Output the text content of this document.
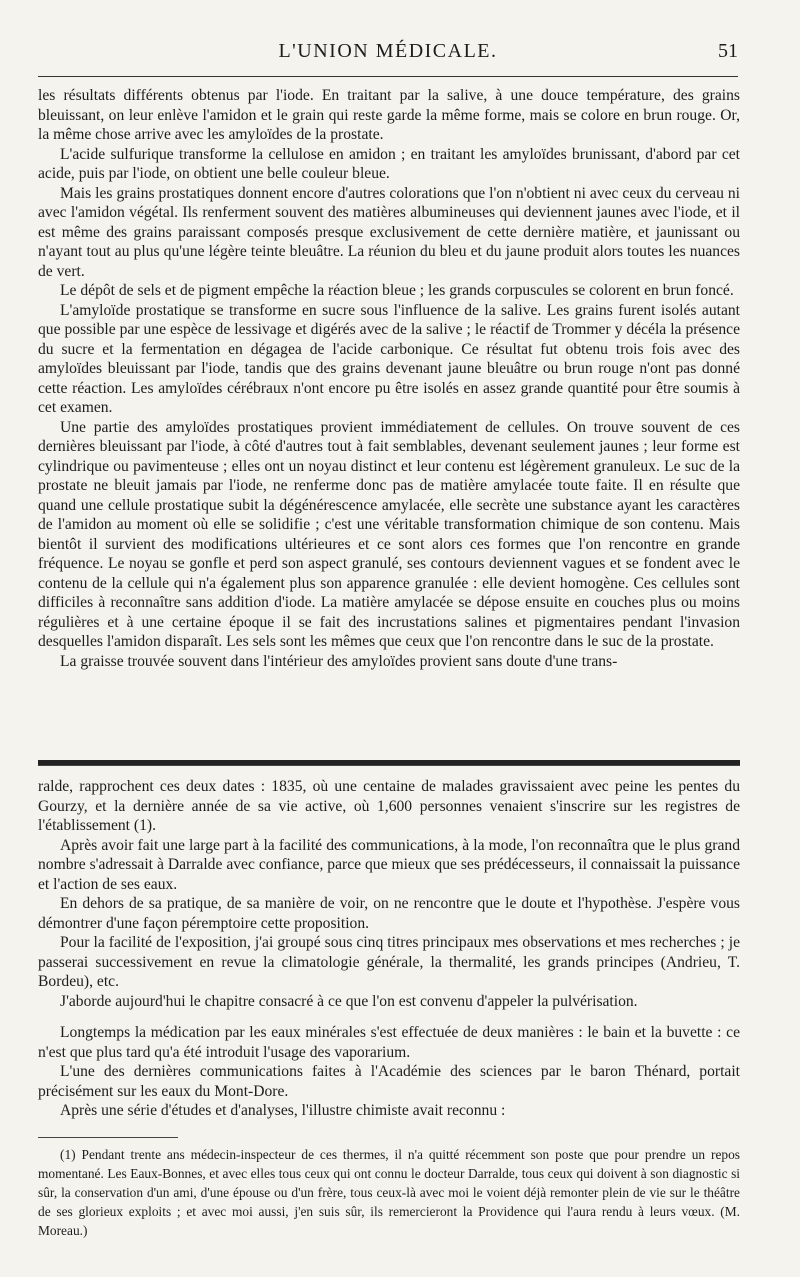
L'UNION MÉDICALE.	51

les résultats différents obtenus par l'iode. En traitant par la salive, à une douce température, des grains bleuissant, on leur enlève l'amidon et le grain qui reste garde la même forme, mais se colore en brun rouge. Or, la même chose arrive avec les amyloïdes de la prostate.

L'acide sulfurique transforme la cellulose en amidon ; en traitant les amyloïdes brunissant, d'abord par cet acide, puis par l'iode, on obtient une belle couleur bleue.

Mais les grains prostatiques donnent encore d'autres colorations que l'on n'obtient ni avec ceux du cerveau ni avec l'amidon végétal. Ils renferment souvent des matières albumineuses qui deviennent jaunes avec l'iode, et il est même des grains paraissant composés presque exclusivement de cette dernière matière, et jaunissant ou n'ayant tout au plus qu'une légère teinte bleuâtre. La réunion du bleu et du jaune produit alors toutes les nuances de vert.

Le dépôt de sels et de pigment empêche la réaction bleue ; les grands corpuscules se colorent en brun foncé.

L'amyloïde prostatique se transforme en sucre sous l'influence de la salive. Les grains furent isolés autant que possible par une espèce de lessivage et digérés avec de la salive ; le réactif de Trommer y décéla la présence du sucre et la fermentation en dégagea de l'acide carbonique. Ce résultat fut obtenu trois fois avec des amyloïdes bleuissant par l'iode, tandis que des grains devenant jaune bleuâtre ou brun rouge n'ont pas donné cette réaction. Les amyloïdes cérébraux n'ont encore pu être isolés en assez grande quantité pour être soumis à cet examen.

Une partie des amyloïdes prostatiques provient immédiatement de cellules. On trouve souvent de ces dernières bleuissant par l'iode, à côté d'autres tout à fait semblables, devenant seulement jaunes ; leur forme est cylindrique ou pavimenteuse ; elles ont un noyau distinct et leur contenu est légèrement granuleux. Le suc de la prostate ne bleuit jamais par l'iode, ne renferme donc pas de matière amylacée toute faite. Il en résulte que quand une cellule prostatique subit la dégénérescence amylacée, elle secrète une substance ayant les caractères de l'amidon au moment où elle se solidifie ; c'est une véritable transformation chimique de son contenu. Mais bientôt il survient des modifications ultérieures et ce sont alors ces formes que l'on rencontre en grande fréquence. Le noyau se gonfle et perd son aspect granulé, ses contours deviennent vagues et se fondent avec le contenu de la cellule qui n'a également plus son apparence granulée : elle devient homogène. Ces cellules sont difficiles à reconnaître sans addition d'iode. La matière amylacée se dépose ensuite en couches plus ou moins régulières et à une certaine époque il se fait des incrustations salines et pigmentaires pendant l'invasion desquelles l'amidon disparaît. Les sels sont les mêmes que ceux que l'on rencontre dans le suc de la prostate.

La graisse trouvée souvent dans l'intérieur des amyloïdes provient sans doute d'une trans-

ralde, rapprochent ces deux dates : 1835, où une centaine de malades gravissaient avec peine les pentes du Gourzy, et la dernière année de sa vie active, où 1,600 personnes venaient s'inscrire sur les registres de l'établissement (1).

Après avoir fait une large part à la facilité des communications, à la mode, l'on reconnaîtra que le plus grand nombre s'adressait à Darralde avec confiance, parce que mieux que ses prédécesseurs, il connaissait la puissance et l'action de ses eaux.

En dehors de sa pratique, de sa manière de voir, on ne rencontre que le doute et l'hypothèse. J'espère vous démontrer d'une façon péremptoire cette proposition.

Pour la facilité de l'exposition, j'ai groupé sous cinq titres principaux mes observations et mes recherches ; je passerai successivement en revue la climatologie générale, la thermalité, les grands principes (Andrieu, T. Bordeu), etc.

J'aborde aujourd'hui le chapitre consacré à ce que l'on est convenu d'appeler la pulvérisation.

Longtemps la médication par les eaux minérales s'est effectuée de deux manières : le bain et la buvette : ce n'est que plus tard qu'a été introduit l'usage des vaporarium.

L'une des dernières communications faites à l'Académie des sciences par le baron Thénard, portait précisément sur les eaux du Mont-Dore.

Après une série d'études et d'analyses, l'illustre chimiste avait reconnu :

(1) Pendant trente ans médecin-inspecteur de ces thermes, il n'a quitté récemment son poste que pour prendre un repos momentané. Les Eaux-Bonnes, et avec elles tous ceux qui ont connu le docteur Darralde, tous ceux qui doivent à son diagnostic si sûr, la conservation d'un ami, d'une épouse ou d'un frère, tous ceux-là avec moi le voient déjà remonter plein de vie sur le théâtre de ses glorieux exploits ; et avec moi aussi, j'en suis sûr, ils remercieront la Providence qui l'aura rendu à leurs vœux. (M. Moreau.)
